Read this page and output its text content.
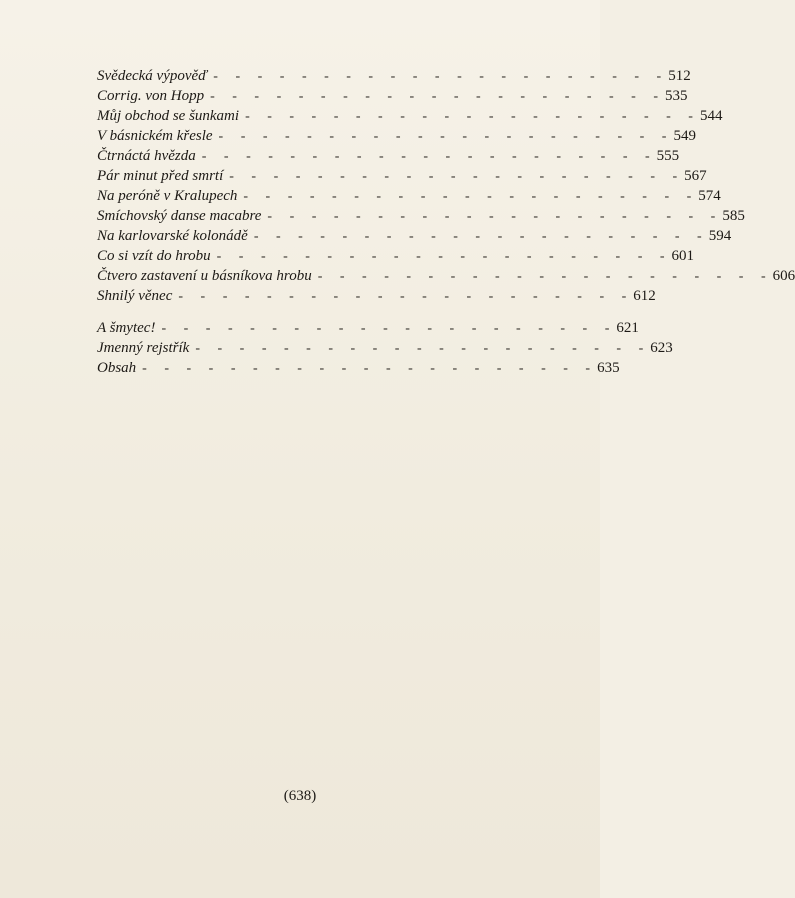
Svědecká výpověď - - - - - - - - - - - - - - - - - - - - - 512
Corrig. von Hopp - - - - - - - - - - - - - - - - - - - - - 535
Můj obchod se šunkami - - - - - - - - - - - - - - - - - - - - - 544
V básnickém křesle - - - - - - - - - - - - - - - - - - - - - 549
Čtrnáctá hvězda - - - - - - - - - - - - - - - - - - - - - 555
Pár minut před smrtí - - - - - - - - - - - - - - - - - - - - - 567
Na peróně v Kralupech - - - - - - - - - - - - - - - - - - - - - 574
Smíchovský danse macabre - - - - - - - - - - - - - - - - - - - - - 585
Na karlovarské kolonádě - - - - - - - - - - - - - - - - - - - - - 594
Co si vzít do hrobu - - - - - - - - - - - - - - - - - - - - - 601
Čtvero zastavení u básníkova hrobu - - - - - - - - - - - - - - - - - - - - - 606
Shnilý věnec - - - - - - - - - - - - - - - - - - - - - 612
A šmytec! - - - - - - - - - - - - - - - - - - - - - 621
Jmenný rejstřík - - - - - - - - - - - - - - - - - - - - - 623
Obsah - - - - - - - - - - - - - - - - - - - - - 635
(638)
